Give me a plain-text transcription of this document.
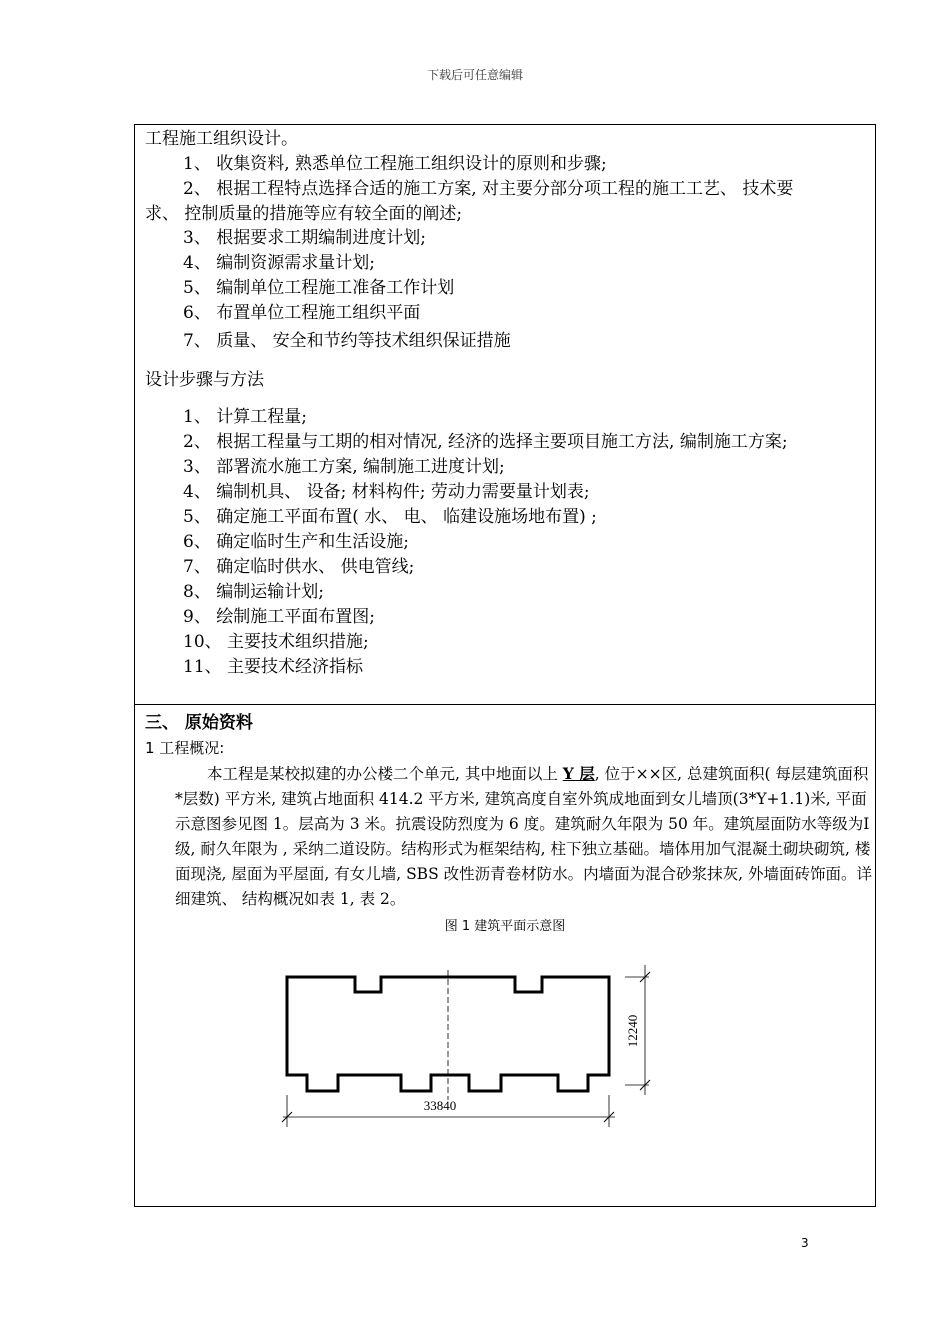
下载后可任意编辑
工程施工组织设计。
1、 收集资料, 熟悉单位工程施工组织设计的原则和步骤;
2、 根据工程特点选择合适的施工方案, 对主要分部分项工程的施工工艺、 技术要
求、 控制质量的措施等应有较全面的阐述;
3、 根据要求工期编制进度计划;
4、 编制资源需求量计划;
5、 编制单位工程施工准备工作计划
6、 布置单位工程施工组织平面
7、 质量、 安全和节约等技术组织保证措施
设计步骤与方法
1、 计算工程量;
2、 根据工程量与工期的相对情况, 经济的选择主要项目施工方法, 编制施工方案;
3、 部署流水施工方案, 编制施工进度计划;
4、 编制机具、 设备; 材料构件; 劳动力需要量计划表;
5、 确定施工平面布置( 水、 电、 临建设施场地布置) ;
6、 确定临时生产和生活设施;
7、 确定临时供水、 供电管线;
8、 编制运输计划;
9、 绘制施工平面布置图;
10、 主要技术组织措施;
11、 主要技术经济指标
三、 原始资料
1 工程概况:
本工程是某校拟建的办公楼二个单元, 其中地面以上 Y 层, 位于××区, 总建筑面积( 每层建筑面积*层数) 平方米, 建筑占地面积 414.2 平方米, 建筑高度自室外筑成地面到女儿墙顶(3*Y+1.1)米, 平面示意图参见图 1。层高为 3 米。抗震设防烈度为 6 度。建筑耐久年限为 50 年。建筑屋面防水等级为Ⅰ级, 耐久年限为 , 采纳二道设防。结构形式为框架结构, 柱下独立基础。墙体用加气混凝土砌块砌筑, 楼面现浇, 屋面为平屋面, 有女儿墙, SBS 改性沥青卷材防水。内墙面为混合砂浆抹灰, 外墙面砖饰面。详细建筑、 结构概况如表 1, 表 2。
图 1 建筑平面示意图
12240
33840
3
